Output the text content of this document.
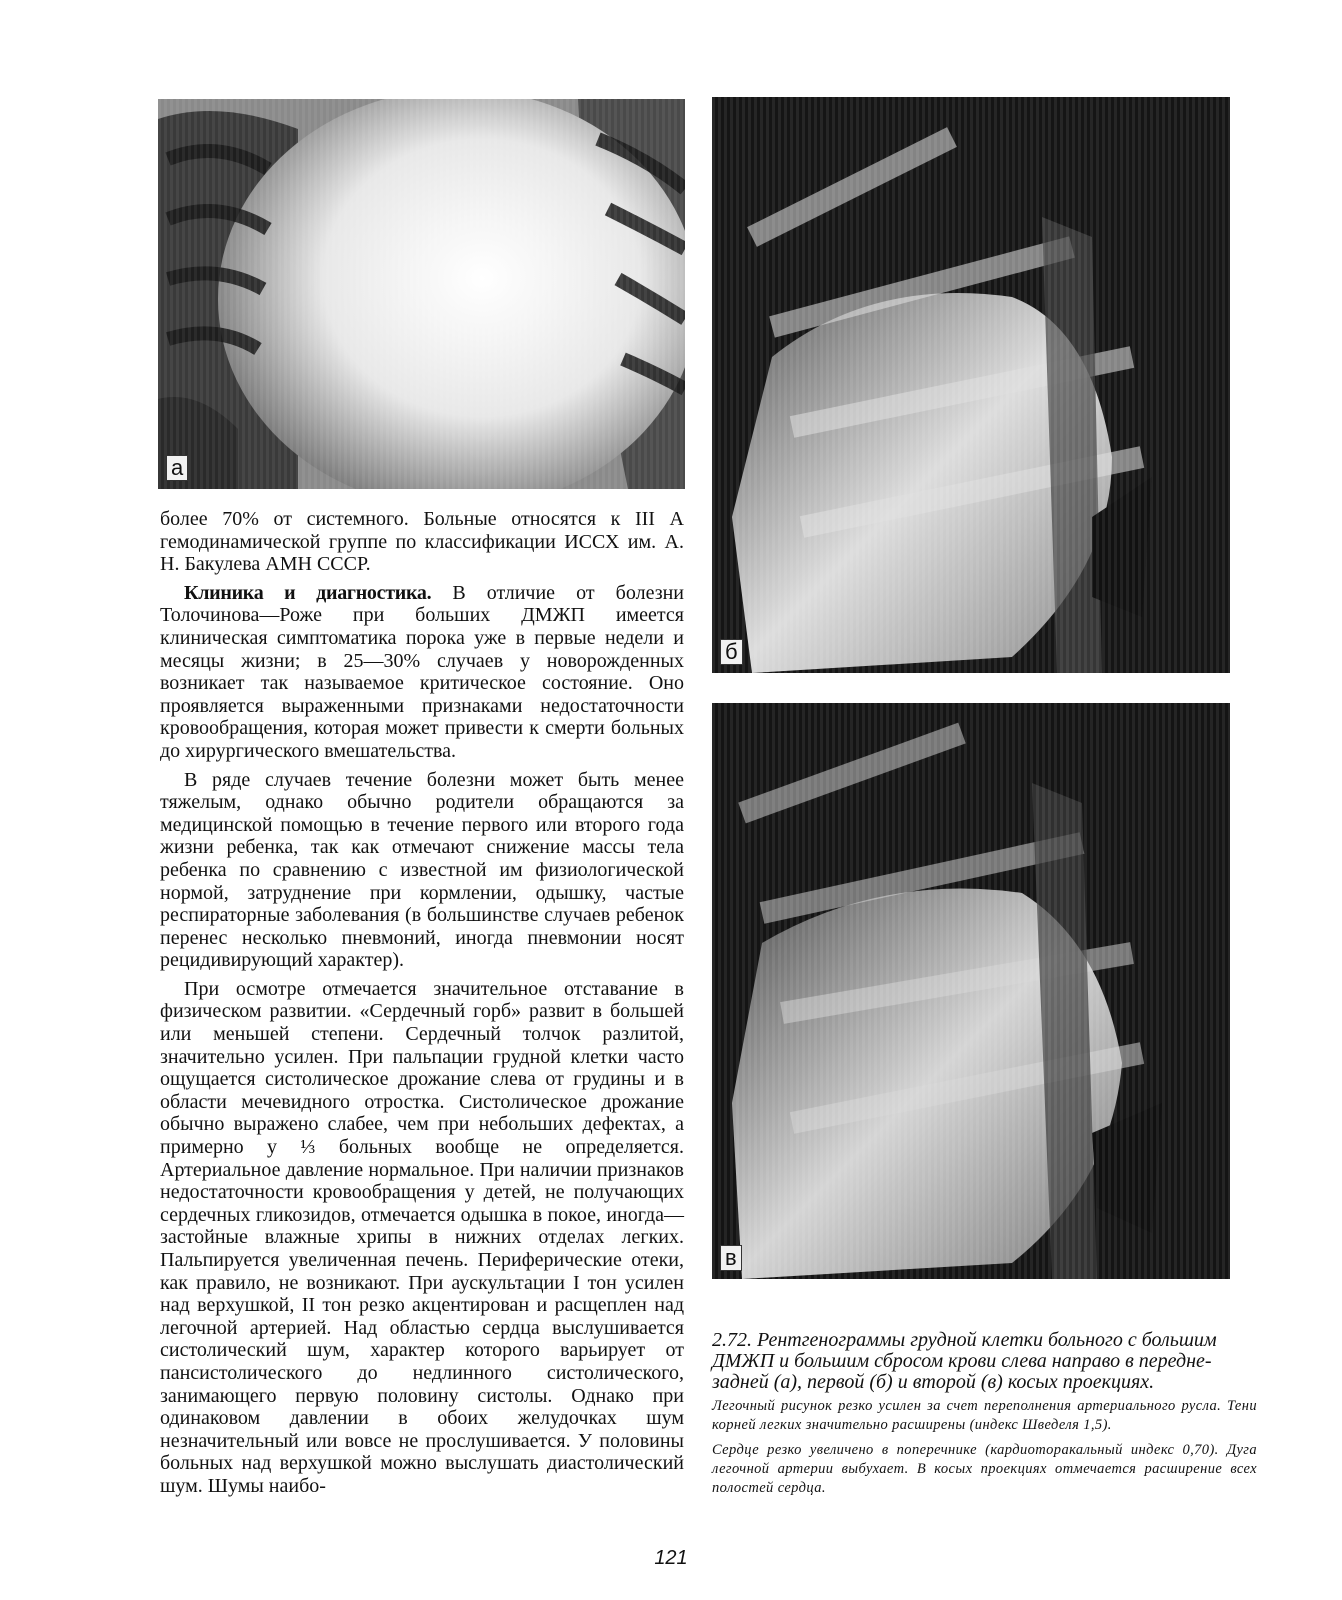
а
б
в

более 70% от системного. Больные относятся к III А гемодинамической группе по классификации ИССХ им. А. Н. Бакулева АМН СССР.

Клиника и диагностика. В отличие от болезни Толочинова—Роже при больших ДМЖП имеется клиническая симптоматика порока уже в первые недели и месяцы жизни; в 25—30% случаев у новорожденных возникает так называемое критическое состояние. Оно проявляется выраженными признаками недостаточности кровообращения, которая может привести к смерти больных до хирургического вмешательства.

В ряде случаев течение болезни может быть менее тяжелым, однако обычно родители обращаются за медицинской помощью в течение первого или второго года жизни ребенка, так как отмечают снижение массы тела ребенка по сравнению с известной им физиологической нормой, затруднение при кормлении, одышку, частые респираторные заболевания (в большинстве случаев ребенок перенес несколько пневмоний, иногда пневмонии носят рецидивирующий характер).

При осмотре отмечается значительное отставание в физическом развитии. «Сердечный горб» развит в большей или меньшей степени. Сердечный толчок разлитой, значительно усилен. При пальпации грудной клетки часто ощущается систолическое дрожание слева от грудины и в области мечевидного отростка. Систолическое дрожание обычно выражено слабее, чем при небольших дефектах, а примерно у ⅓ больных вообще не определяется. Артериальное давление нормальное. При наличии признаков недостаточности кровообращения у детей, не получающих сердечных гликозидов, отмечается одышка в покое, иногда—застойные влажные хрипы в нижних отделах легких. Пальпируется увеличенная печень. Периферические отеки, как правило, не возникают. При аускультации I тон усилен над верхушкой, II тон резко акцентирован и расщеплен над легочной артерией. Над областью сердца выслушивается систолический шум, характер которого варьирует от пансистолического до недлинного систолического, занимающего первую половину систолы. Однако при одинаковом давлении в обоих желудочках шум незначительный или вовсе не прослушивается. У половины больных над верхушкой можно выслушать диастолический шум. Шумы наибо-

2.72. Рентгенограммы грудной клетки больного с большим ДМЖП и большим сбросом крови слева направо в передне-задней (а), первой (б) и второй (в) косых проекциях.

Легочный рисунок резко усилен за счет переполнения артериального русла. Тени корней легких значительно расширены (индекс Шведеля 1,5).

Сердце резко увеличено в поперечнике (кардиоторакальный индекс 0,70). Дуга легочной артерии выбухает. В косых проекциях отмечается расширение всех полостей сердца.

121
